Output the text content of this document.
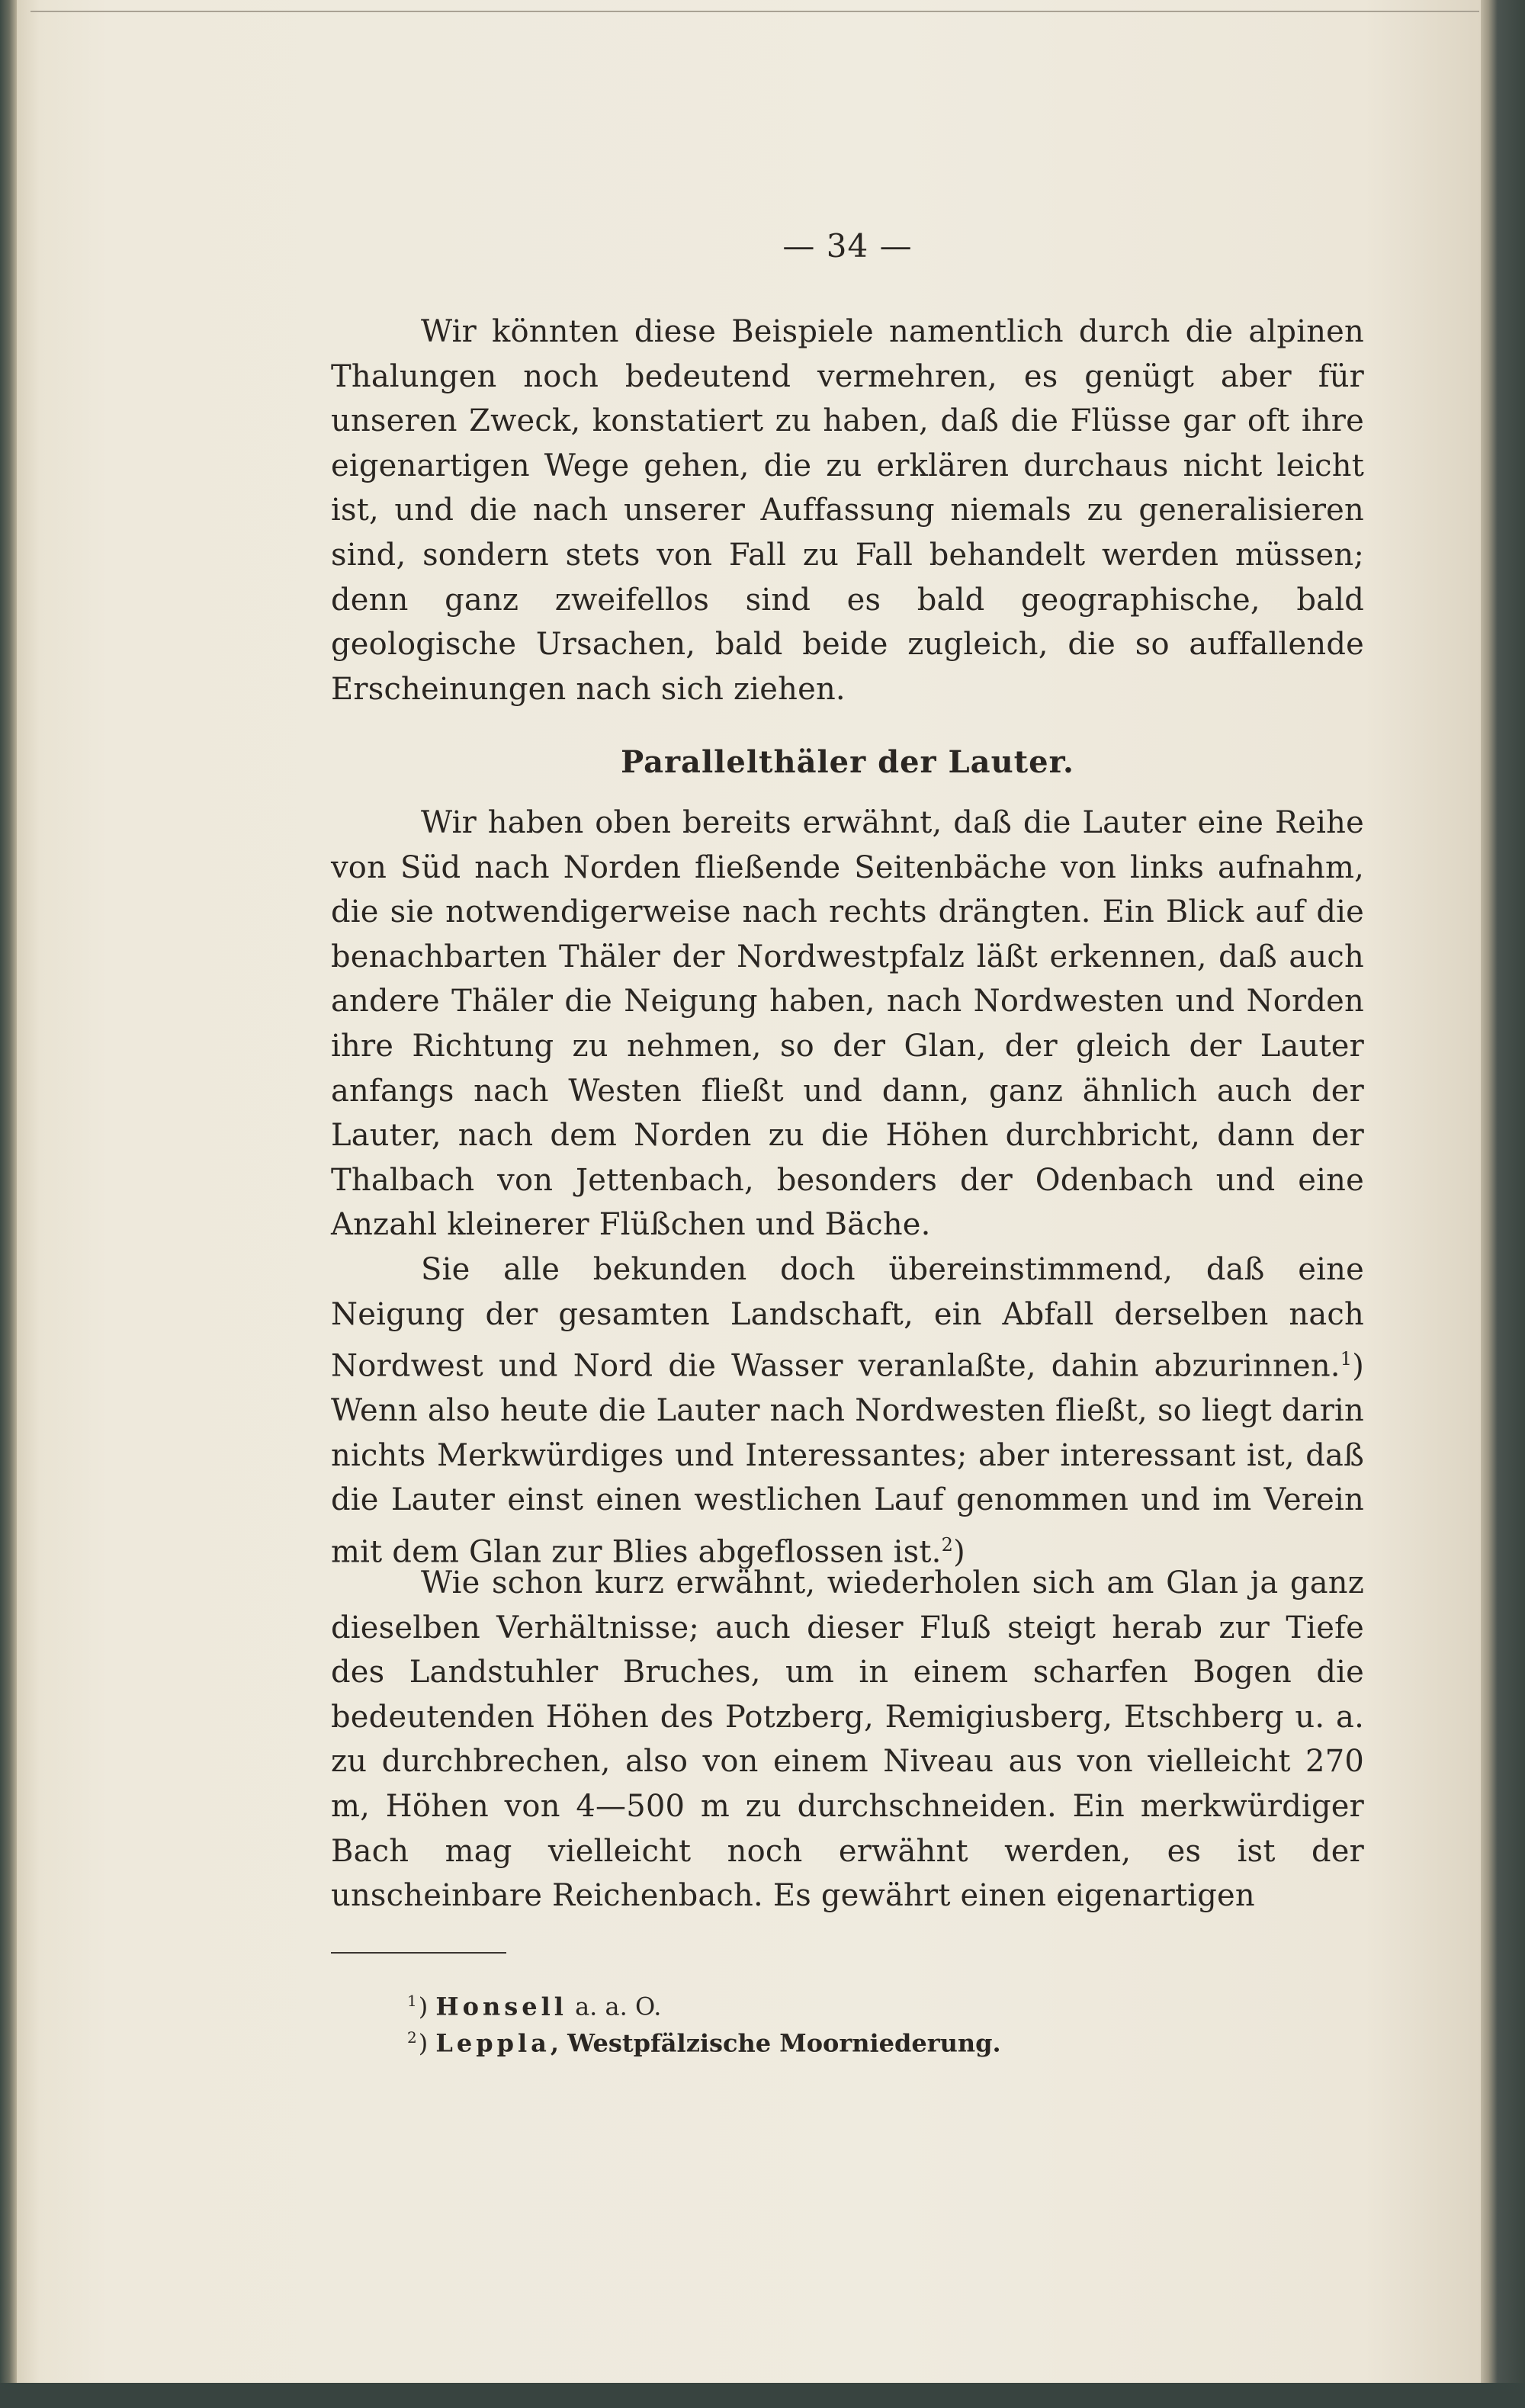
— 34 —

Wir könnten diese Beispiele namentlich durch die alpinen Thalungen noch bedeutend vermehren, es genügt aber für unseren Zweck, konstatiert zu haben, daß die Flüsse gar oft ihre eigenartigen Wege gehen, die zu erklären durchaus nicht leicht ist, und die nach unserer Auffassung niemals zu generalisieren sind, sondern stets von Fall zu Fall behandelt werden müssen; denn ganz zweifellos sind es bald geographische, bald geologische Ursachen, bald beide zugleich, die so auffallende Erscheinungen nach sich ziehen.

Parallelthäler der Lauter.

Wir haben oben bereits erwähnt, daß die Lauter eine Reihe von Süd nach Norden fließende Seitenbäche von links aufnahm, die sie notwendigerweise nach rechts drängten. Ein Blick auf die benachbarten Thäler der Nordwestpfalz läßt erkennen, daß auch andere Thäler die Neigung haben, nach Nordwesten und Norden ihre Richtung zu nehmen, so der Glan, der gleich der Lauter anfangs nach Westen fließt und dann, ganz ähnlich auch der Lauter, nach dem Norden zu die Höhen durchbricht, dann der Thalbach von Jettenbach, besonders der Odenbach und eine Anzahl kleinerer Flüßchen und Bäche.

Sie alle bekunden doch übereinstimmend, daß eine Neigung der gesamten Landschaft, ein Abfall derselben nach Nordwest und Nord die Wasser veranlaßte, dahin abzurinnen.$^1$) Wenn also heute die Lauter nach Nordwesten fließt, so liegt darin nichts Merkwürdiges und Interessantes; aber interessant ist, daß die Lauter einst einen westlichen Lauf genommen und im Verein mit dem Glan zur Blies abgeflossen ist.$^2$)

Wie schon kurz erwähnt, wiederholen sich am Glan ja ganz dieselben Verhältnisse; auch dieser Fluß steigt herab zur Tiefe des Landstuhler Bruches, um in einem scharfen Bogen die bedeutenden Höhen des Potzberg, Remigiusberg, Etschberg u. a. zu durchbrechen, also von einem Niveau aus von vielleicht 270 m, Höhen von 4—500 m zu durchschneiden. Ein merkwürdiger Bach mag vielleicht noch erwähnt werden, es ist der unscheinbare Reichenbach. Es gewährt einen eigenartigen

$^1$) Honsell a. a. O.
$^2$) Leppla, Westpfälzische Moorniederung.
